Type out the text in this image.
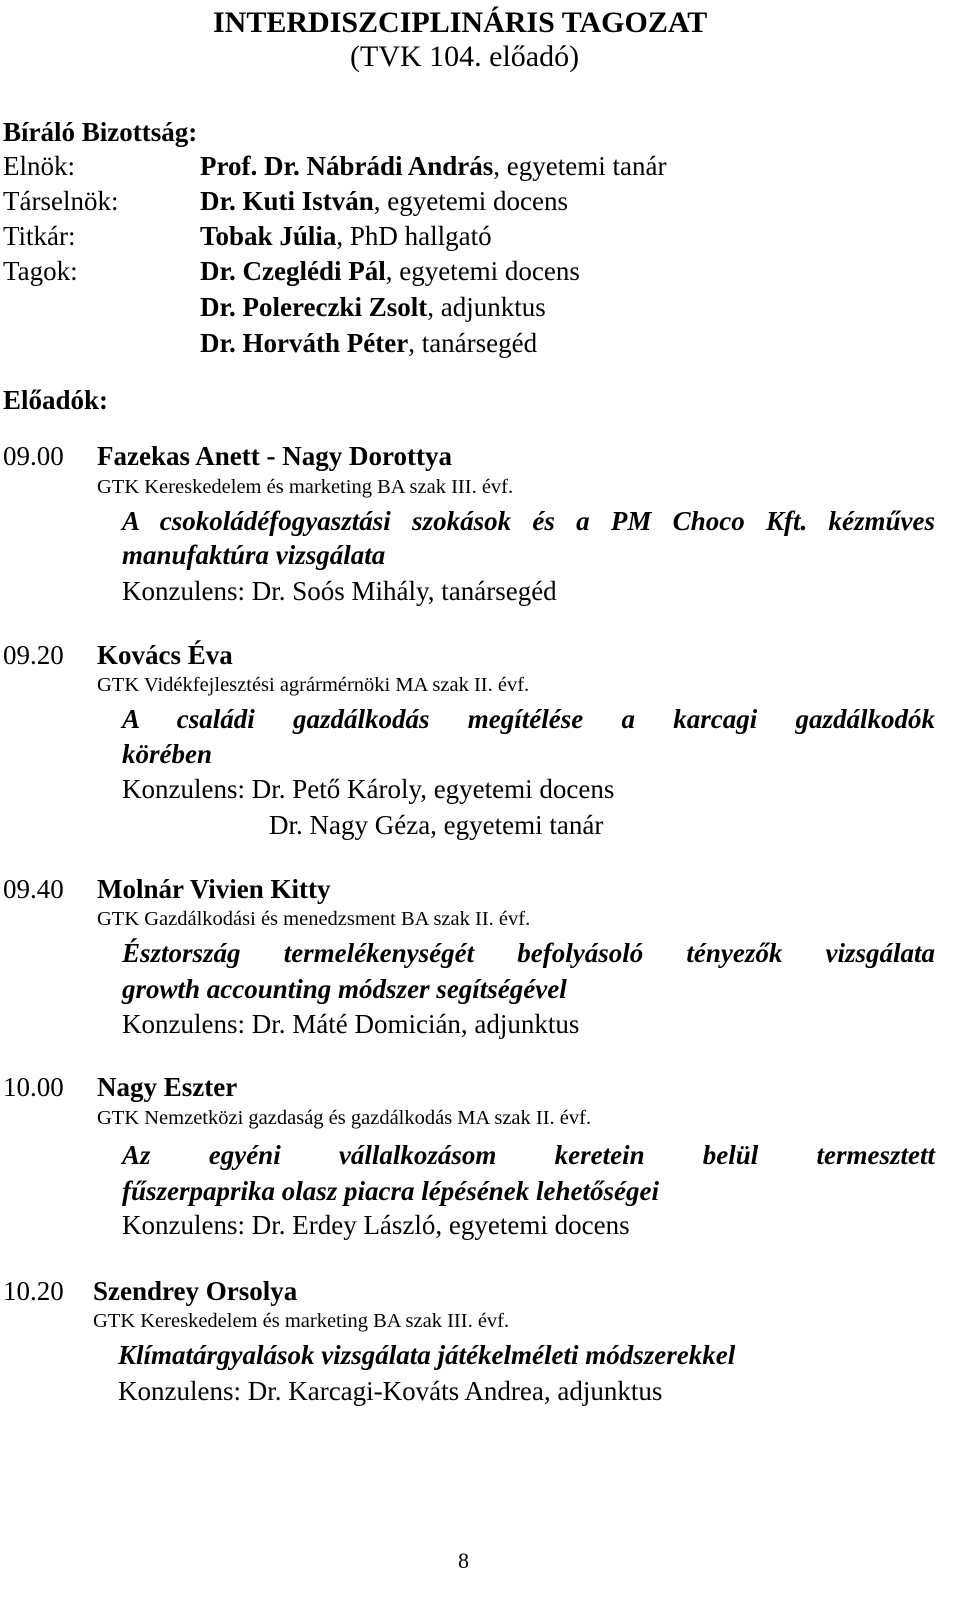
INTERDISZCIPLINÁRIS TAGOZAT
(TVK 104. előadó)
Bíráló Bizottság:
Elnök:	Prof. Dr. Nábrádi András, egyetemi tanár
Társelnök:	Dr. Kuti István, egyetemi docens
Titkár:	Tobak Júlia, PhD hallgató
Tagok:	Dr. Czeglédi Pál, egyetemi docens
Dr. Polereczki Zsolt, adjunktus
Dr. Horváth Péter, tanársegéd
Előadók:
09.00 Fazekas Anett - Nagy Dorottya
GTK Kereskedelem és marketing BA szak III. évf.
A csokoládéfogyasztási szokások és a PM Choco Kft. kézműves
manufaktúra vizsgálata
Konzulens: Dr. Soós Mihály, tanársegéd
09.20 Kovács Éva
GTK Vidékfejlesztési agrármérnöki MA szak II. évf.
A családi gazdálkodás megítélése a karcagi gazdálkodók
körében
Konzulens: Dr. Pető Károly, egyetemi docens
Dr. Nagy Géza, egyetemi tanár
09.40 Molnár Vivien Kitty
GTK Gazdálkodási és menedzsment BA szak II. évf.
Észtország termelékenységét befolyásoló tényezők vizsgálata
growth accounting módszer segítségével
Konzulens: Dr. Máté Domicián, adjunktus
10.00 Nagy Eszter
GTK Nemzetközi gazdaság és gazdálkodás MA szak II. évf.
Az egyéni vállalkozásom keretein belül termesztett
fűszerpaprika olasz piacra lépésének lehetőségei
Konzulens: Dr. Erdey László, egyetemi docens
10.20 Szendrey Orsolya
GTK Kereskedelem és marketing BA szak III. évf.
Klímatárgyalások vizsgálata játékelméleti módszerekkel
Konzulens: Dr. Karcagi-Kováts Andrea, adjunktus
8
